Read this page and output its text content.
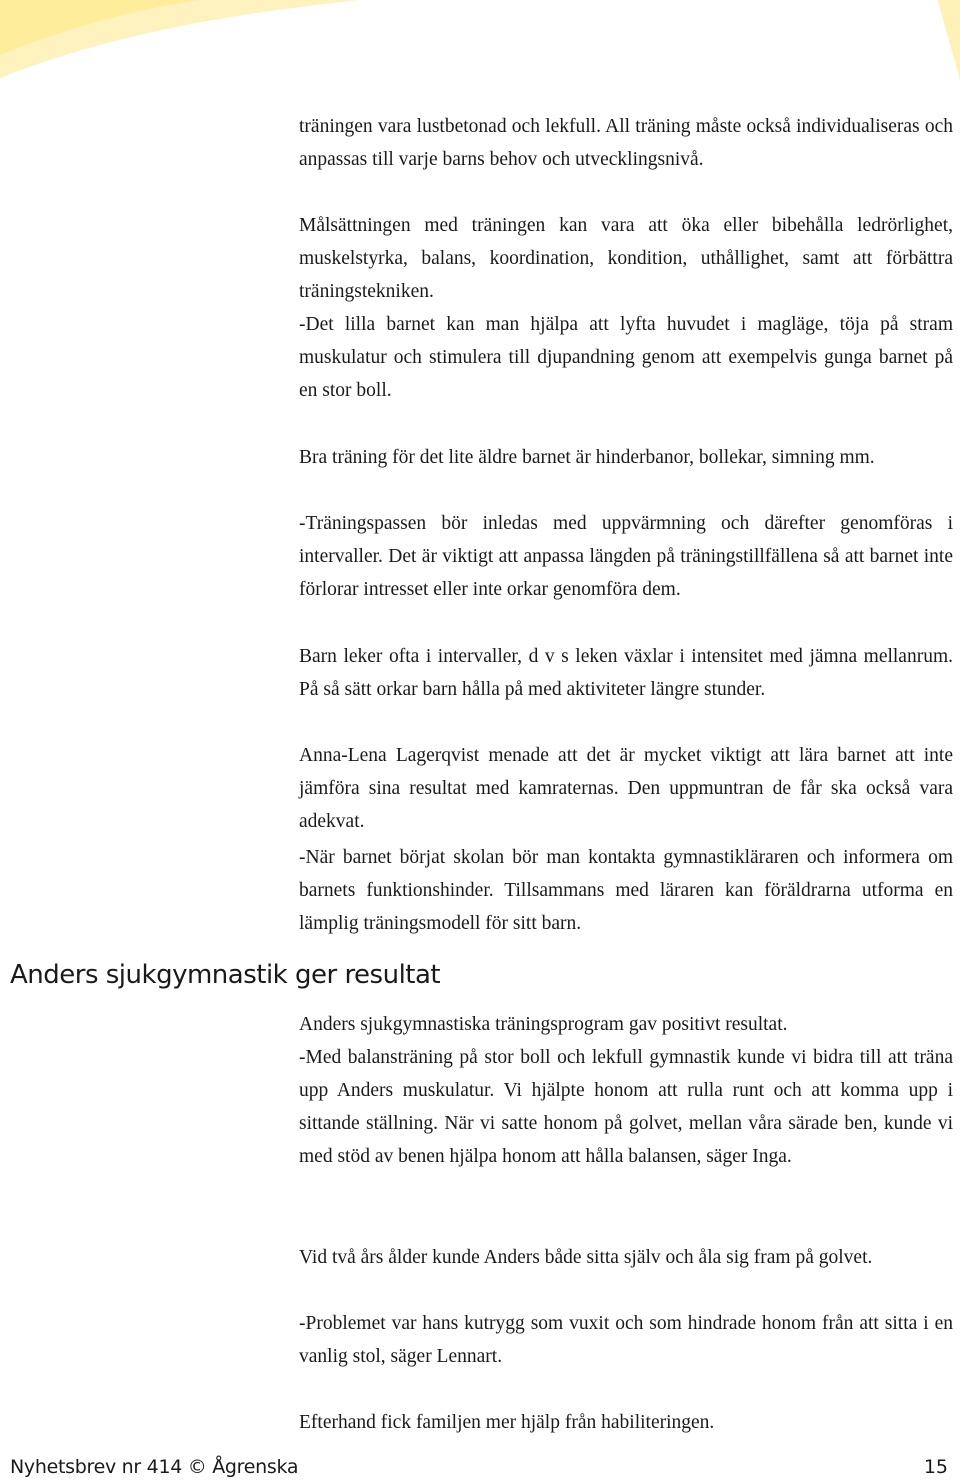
träningen vara lustbetonad och lekfull. All träning måste också individualiseras och anpassas till varje barns behov och utvecklingsnivå.

Målsättningen med träningen kan vara att öka eller bibehålla ledrörlighet, muskelstyrka, balans, koordination, kondition, uthållighet, samt att förbättra träningstekniken.

-Det lilla barnet kan man hjälpa att lyfta huvudet i magläge, töja på stram muskulatur och stimulera till djupandning genom att exempelvis gunga barnet på en stor boll.

Bra träning för det lite äldre barnet är hinderbanor, bollekar, simning mm.

-Träningspassen bör inledas med uppvärmning och därefter genomföras i intervaller. Det är viktigt att anpassa längden på träningstillfällena så att barnet inte förlorar intresset eller inte orkar genomföra dem.

Barn leker ofta i intervaller, d v s leken växlar i intensitet med jämna mellanrum. På så sätt orkar barn hålla på med aktiviteter längre stunder.

Anna-Lena Lagerqvist menade att det är mycket viktigt att lära barnet att inte jämföra sina resultat med kamraternas. Den uppmuntran de får ska också vara adekvat.

-När barnet börjat skolan bör man kontakta gymnastikläraren och informera om barnets funktionshinder. Tillsammans med läraren kan föräldrarna utforma en lämplig träningsmodell för sitt barn.

Anders sjukgymnastik ger resultat

Anders sjukgymnastiska träningsprogram gav positivt resultat.

-Med balansträning på stor boll och lekfull gymnastik kunde vi bidra till att träna upp Anders muskulatur. Vi hjälpte honom att rulla runt och att komma upp i sittande ställning. När vi satte honom på golvet, mellan våra särade ben, kunde vi med stöd av benen hjälpa honom att hålla balansen, säger Inga.

Vid två års ålder kunde Anders både sitta själv och åla sig fram på golvet.

-Problemet var hans kutrygg som vuxit och som hindrade honom från att sitta i en vanlig stol, säger Lennart.

Efterhand fick familjen mer hjälp från habiliteringen.

Nyhetsbrev nr 414 © Ågrenska	15
